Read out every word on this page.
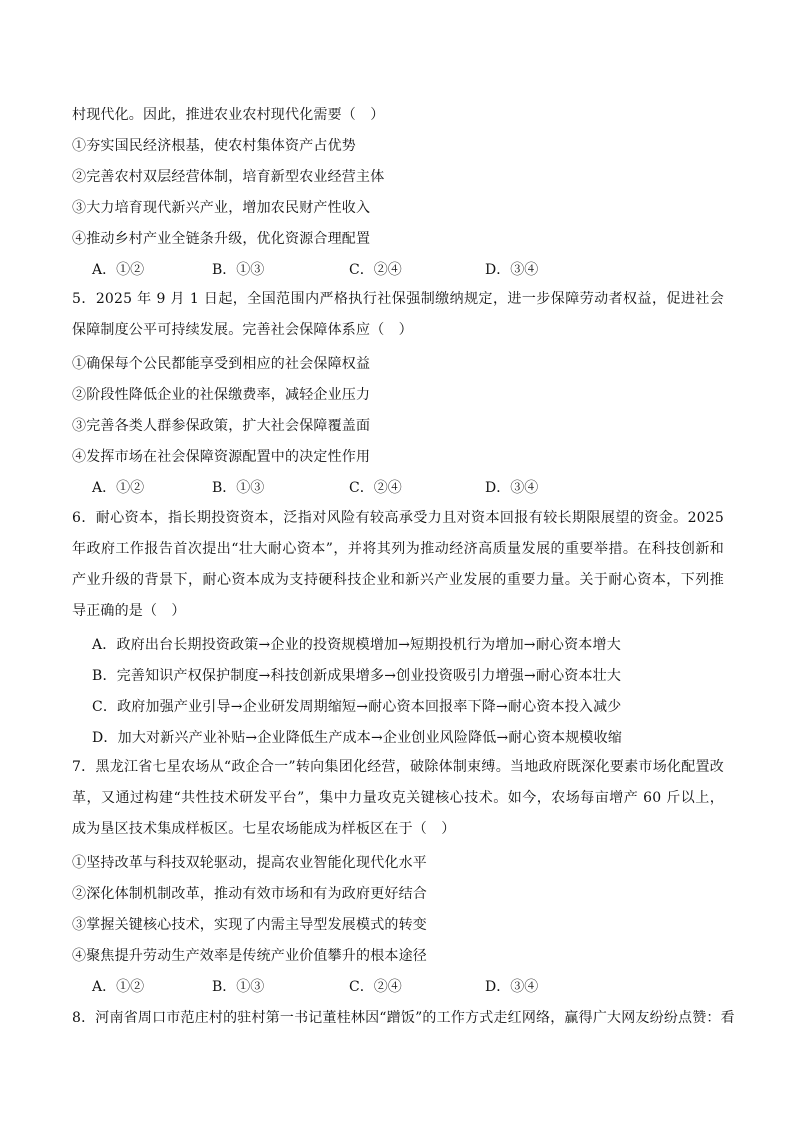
村现代化。因此，推进农业农村现代化需要（　）
①夯实国民经济根基，使农村集体资产占优势
②完善农村双层经营体制，培育新型农业经营主体
③大力培育现代新兴产业，增加农民财产性收入
④推动乡村产业全链条升级，优化资源合理配置
A．①②	B．①③	C．②④	D．③④
5．2025 年 9 月 1 日起，全国范围内严格执行社保强制缴纳规定，进一步保障劳动者权益，促进社会保障制度公平可持续发展。完善社会保障体系应（　）
①确保每个公民都能享受到相应的社会保障权益
②阶段性降低企业的社保缴费率，减轻企业压力
③完善各类人群参保政策，扩大社会保障覆盖面
④发挥市场在社会保障资源配置中的决定性作用
A．①②	B．①③	C．②④	D．③④
6．耐心资本，指长期投资资本，泛指对风险有较高承受力且对资本回报有较长期限展望的资金。2025 年政府工作报告首次提出“壮大耐心资本”，并将其列为推动经济高质量发展的重要举措。在科技创新和产业升级的背景下，耐心资本成为支持硬科技企业和新兴产业发展的重要力量。关于耐心资本，下列推导正确的是（　）
A．政府出台长期投资政策→企业的投资规模增加→短期投机行为增加→耐心资本增大
B．完善知识产权保护制度→科技创新成果增多→创业投资吸引力增强→耐心资本壮大
C．政府加强产业引导→企业研发周期缩短→耐心资本回报率下降→耐心资本投入减少
D．加大对新兴产业补贴→企业降低生产成本→企业创业风险降低→耐心资本规模收缩
7．黑龙江省七星农场从“政企合一”转向集团化经营，破除体制束缚。当地政府既深化要素市场化配置改革，又通过构建“共性技术研发平台”，集中力量攻克关键核心技术。如今，农场每亩增产 60 斤以上，成为垦区技术集成样板区。七星农场能成为样板区在于（　）
①坚持改革与科技双轮驱动，提高农业智能化现代化水平
②深化体制机制改革，推动有效市场和有为政府更好结合
③掌握关键核心技术，实现了内需主导型发展模式的转变
④聚焦提升劳动生产效率是传统产业价值攀升的根本途径
A．①②	B．①③	C．②④	D．③④
8．河南省周口市范庄村的驻村第一书记董桂林因“蹭饭”的工作方式走红网络，赢得广大网友纷纷点赞：看
